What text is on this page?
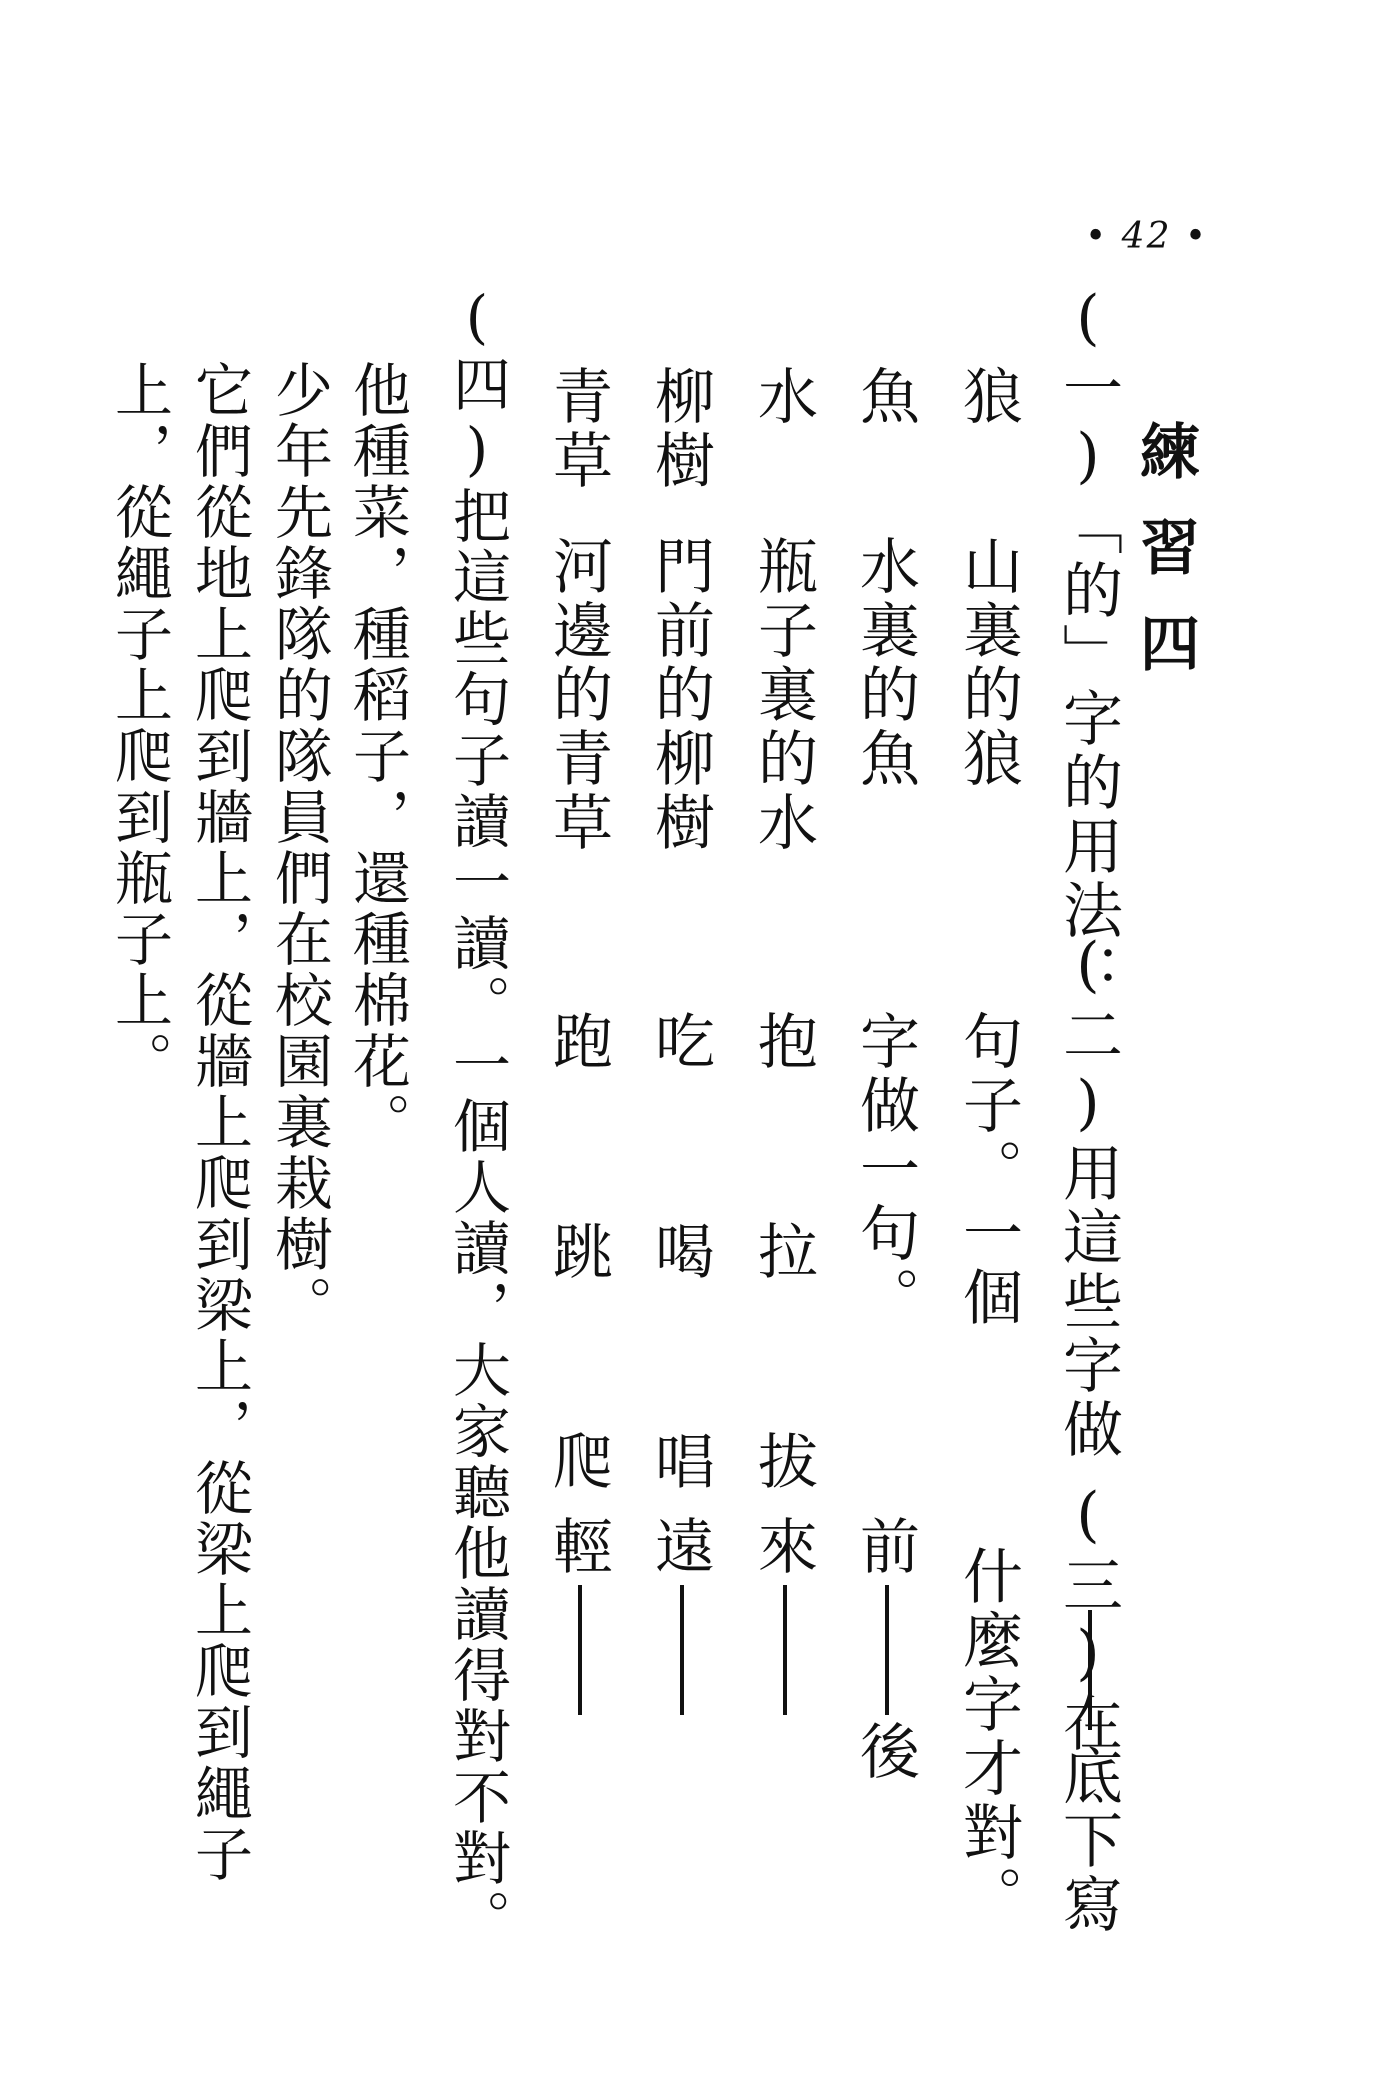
• 42 •
練習四
(一)「的」字的用法：
狼
山裏的狼
魚
水裏的魚
水
瓶子裏的水
柳樹
門前的柳樹
青草
河邊的青草
(二)用這些字做
句子。一個
字做一句。
抱 拉 拔
吃 喝 唱
跑 跳 爬
(三)在
底下寫
什麼字才對。
前
後
來
遠
輕
(四)把這些句子讀一讀。一個人讀，大家聽他讀得對不對。
他種菜，種稻子，還種棉花。
少年先鋒隊的隊員們在校園裏栽樹。
它們從地上爬到牆上，從牆上爬到梁上，從梁上爬到繩子
上，從繩子上爬到瓶子上。
